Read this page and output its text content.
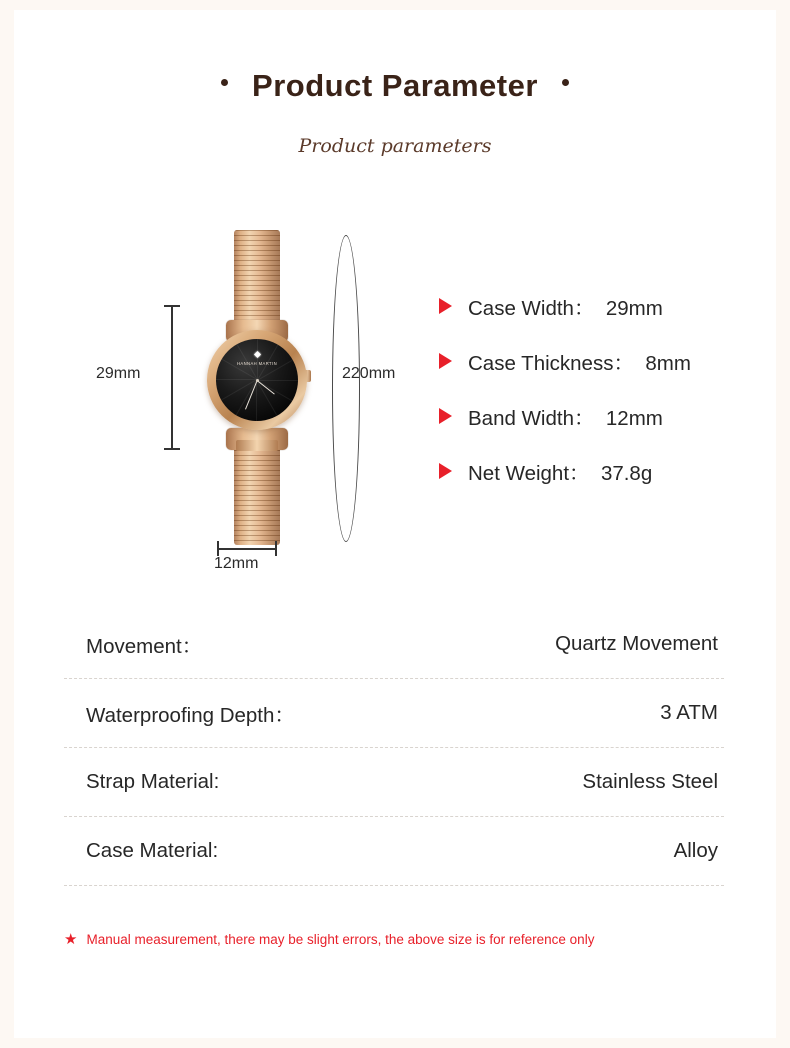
Product Parameter
Product parameters
29mm
HANNAH MARTIN
12mm
220mm
Case Width： 29mm
Case Thickness： 8mm
Band Width： 12mm
Net Weight： 37.8g
Movement：	Quartz Movement
Waterproofing Depth：	3 ATM
Strap Material:	Stainless Steel
Case Material:	Alloy
★ Manual measurement, there may be slight errors, the above size is for reference only
